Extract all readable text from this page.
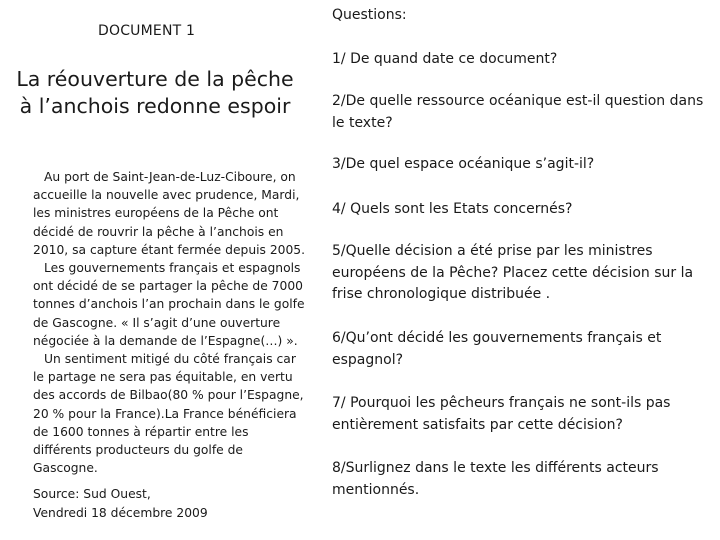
DOCUMENT 1
La réouverture de la pêche à l’anchois redonne espoir

Au port de Saint-Jean-de-Luz-Ciboure, on accueille la nouvelle avec prudence, Mardi, les ministres européens de la Pêche ont décidé de rouvrir la pêche à l’anchois en 2010, sa capture étant fermée depuis 2005.

Les gouvernements français et espagnols ont décidé de se partager la pêche de 7000 tonnes d’anchois l’an prochain dans le golfe de Gascogne. « Il s’agit d’une ouverture négociée à la demande de l’Espagne(…) ».

Un sentiment mitigé du côté français car le partage ne sera pas équitable, en vertu des accords de Bilbao(80 % pour l’Espagne, 20 % pour la France).La France bénéficiera de 1600 tonnes à répartir entre les différents producteurs du golfe de Gascogne.

Source: Sud Ouest,
Vendredi 18 décembre 2009
Questions:

1/ De quand date ce document?

2/De quelle ressource océanique est-il question dans le texte?

3/De quel espace océanique s’agit-il?

4/ Quels sont les Etats concernés?

5/Quelle décision a été prise par les ministres européens de la Pêche? Placez cette décision sur la frise chronologique distribuée .

6/Qu’ont décidé les gouvernements français et espagnol?

7/ Pourquoi les pêcheurs français ne sont-ils pas entièrement satisfaits par cette décision?

8/Surlignez dans le texte les différents acteurs mentionnés.
